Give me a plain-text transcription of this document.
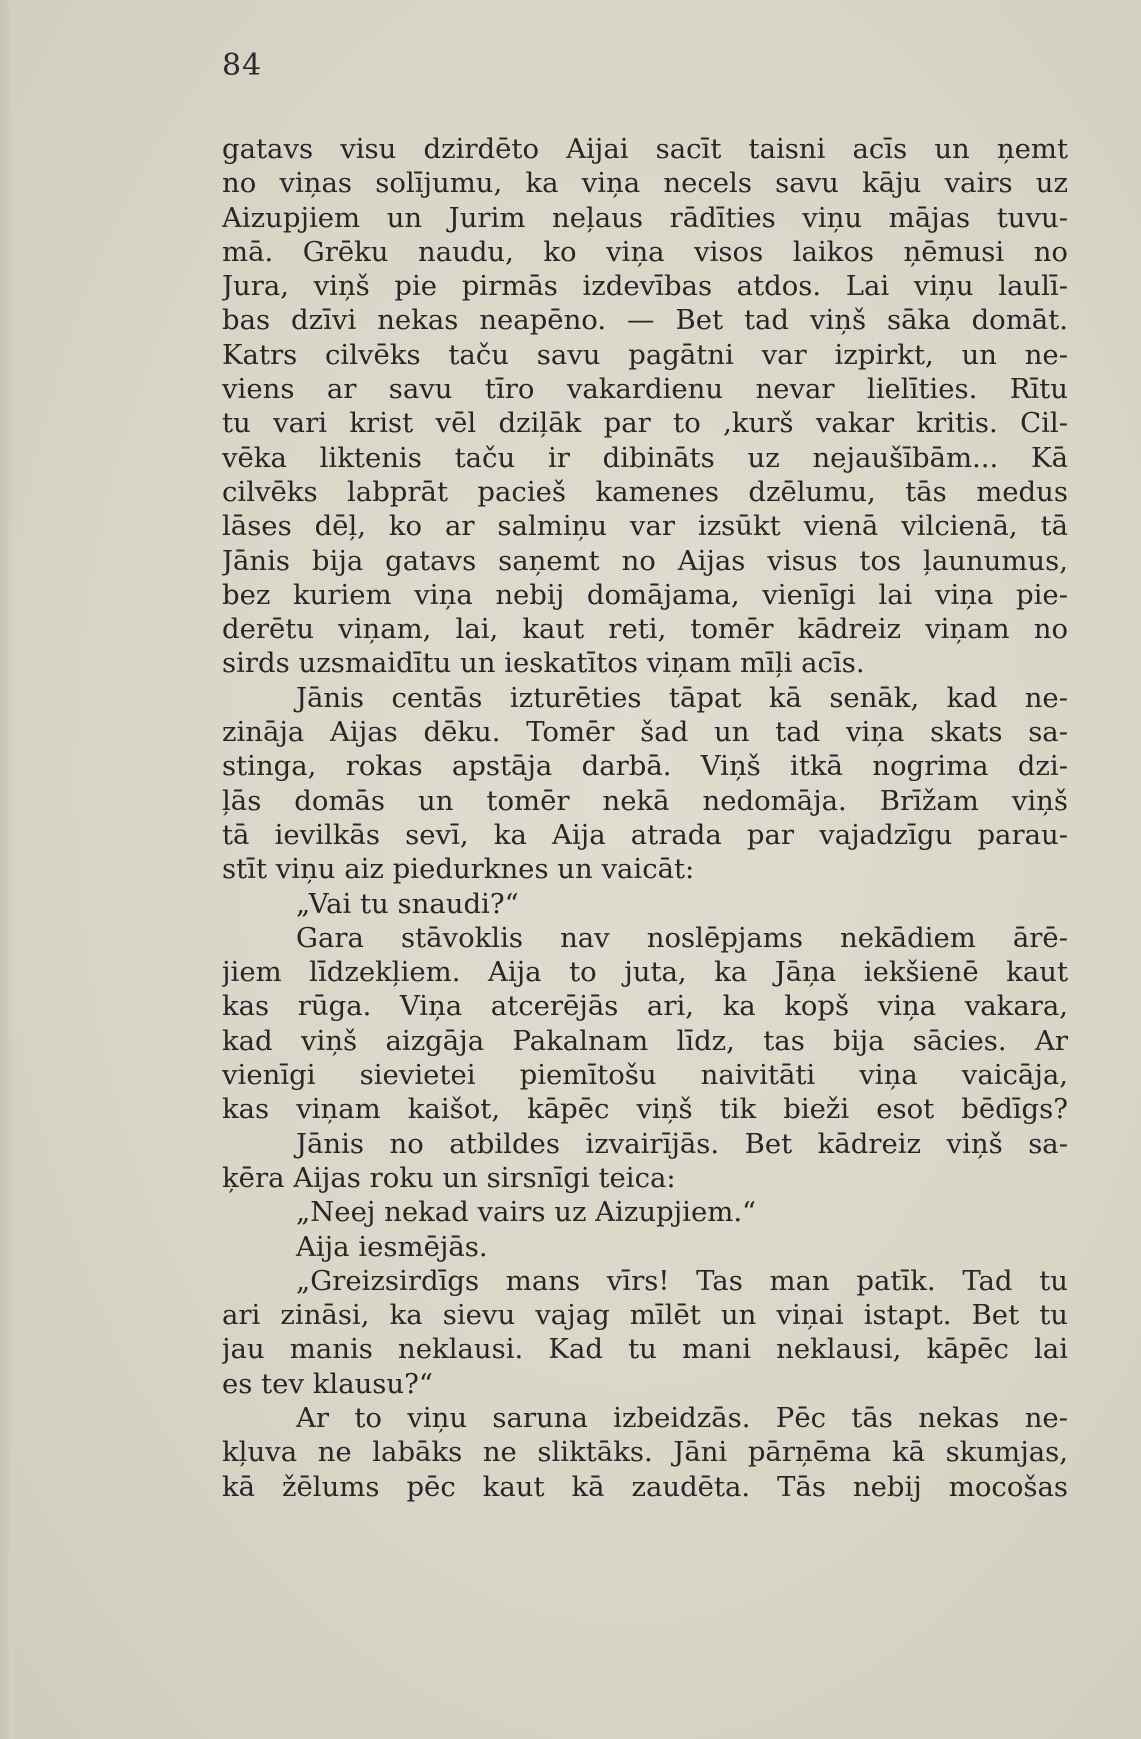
84
gatavs visu dzirdēto Aijai sacīt taisni acīs un ņemt
no viņas solījumu, ka viņa necels savu kāju vairs uz
Aizupjiem un Jurim neļaus rādīties viņu mājas tuvu-
mā. Grēku naudu, ko viņa visos laikos ņēmusi no
Jura, viņš pie pirmās izdevības atdos. Lai viņu laulī-
bas dzīvi nekas neapēno. — Bet tad viņš sāka domāt.
Katrs cilvēks taču savu pagātni var izpirkt, un ne-
viens ar savu tīro vakardienu nevar lielīties. Rītu
tu vari krist vēl dziļāk par to ,kurš vakar kritis. Cil-
vēka liktenis taču ir dibināts uz nejaušībām... Kā
cilvēks labprāt pacieš kamenes dzēlumu, tās medus
lāses dēļ, ko ar salmiņu var izsūkt vienā vilcienā, tā
Jānis bija gatavs saņemt no Aijas visus tos ļaunumus,
bez kuriem viņa nebij domājama, vienīgi lai viņa pie-
derētu viņam, lai, kaut reti, tomēr kādreiz viņam no
sirds uzsmaidītu un ieskatītos viņam mīļi acīs.
Jānis centās izturēties tāpat kā senāk, kad ne-
zināja Aijas dēku. Tomēr šad un tad viņa skats sa-
stinga, rokas apstāja darbā. Viņš itkā nogrima dzi-
ļās domās un tomēr nekā nedomāja. Brīžam viņš
tā ievilkās sevī, ka Aija atrada par vajadzīgu parau-
stīt viņu aiz piedurknes un vaicāt:
„Vai tu snaudi?“
Gara stāvoklis nav noslēpjams nekādiem ārē-
jiem līdzekļiem. Aija to juta, ka Jāņa iekšienē kaut
kas rūga. Viņa atcerējās ari, ka kopš viņa vakara,
kad viņš aizgāja Pakalnam līdz, tas bija sācies. Ar
vienīgi sievietei piemītošu naivitāti viņa vaicāja,
kas viņam kaišot, kāpēc viņš tik bieži esot bēdīgs?
Jānis no atbildes izvairījās. Bet kādreiz viņš sa-
ķēra Aijas roku un sirsnīgi teica:
„Neej nekad vairs uz Aizupjiem.“
Aija iesmējās.
„Greizsirdīgs mans vīrs! Tas man patīk. Tad tu
ari zināsi, ka sievu vajag mīlēt un viņai istapt. Bet tu
jau manis neklausi. Kad tu mani neklausi, kāpēc lai
es tev klausu?“
Ar to viņu saruna izbeidzās. Pēc tās nekas ne-
kļuva ne labāks ne sliktāks. Jāni pārņēma kā skumjas,
kā žēlums pēc kaut kā zaudēta. Tās nebij mocošas
